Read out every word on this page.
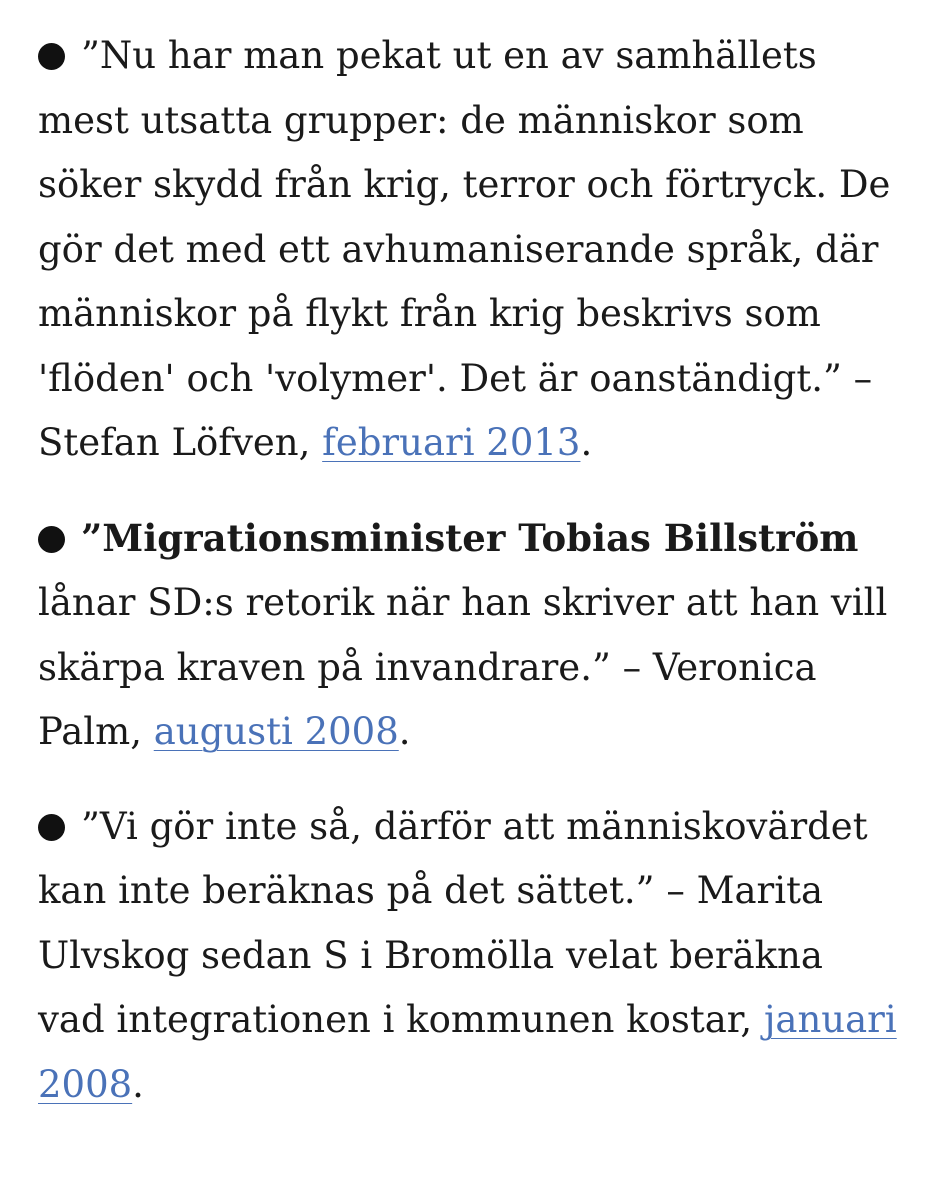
”Nu har man pekat ut en av samhällets mest utsatta grupper: de människor som söker skydd från krig, terror och förtryck. De gör det med ett avhumaniserande språk, där människor på flykt från krig beskrivs som 'flöden' och 'volymer'. Det är oanständigt.” – Stefan Löfven, februari 2013.

”Migrationsminister Tobias Billström lånar SD:s retorik när han skriver att han vill skärpa kraven på invandrare.” – Veronica Palm, augusti 2008.

”Vi gör inte så, därför att människovärdet kan inte beräknas på det sättet.” – Marita Ulvskog sedan S i Bromölla velat beräkna vad integrationen i kommunen kostar, januari 2008.
